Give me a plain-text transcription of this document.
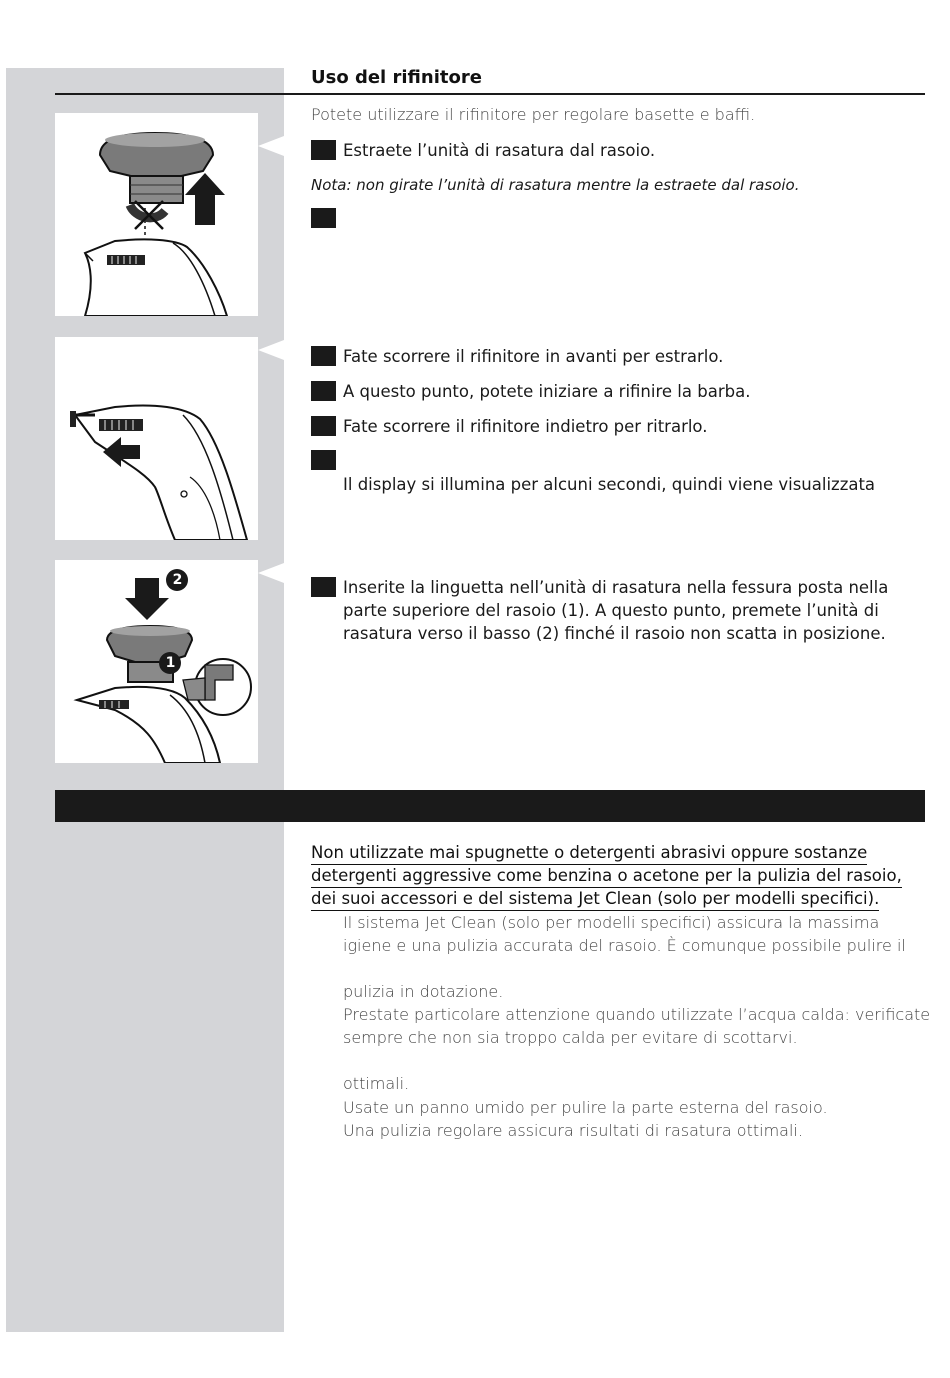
Uso del rifinitore
Potete utilizzare il rifinitore per regolare basette e baffi.
Estraete l’unità di rasatura dal rasoio.
Nota: non girate l’unità di rasatura mentre la estraete dal rasoio.
Fate scorrere il rifinitore in avanti per estrarlo.
A questo punto, potete iniziare a rifinire la barba.
Fate scorrere il rifinitore indietro per ritrarlo.
Il display si illumina per alcuni secondi, quindi viene visualizzata
1
2	Inserite la linguetta nell’unità di rasatura nella fessura posta nella
parte superiore del rasoio (1). A questo punto, premete l’unità di
rasatura verso il basso (2) finché il rasoio non scatta in posizione.
Non utilizzate mai spugnette o detergenti abrasivi oppure sostanze
detergenti aggressive come benzina o acetone per la pulizia del rasoio,
dei suoi accessori e del sistema Jet Clean (solo per modelli specifici).
Il sistema Jet Clean (solo per modelli specifici) assicura la massima
igiene e una pulizia accurata del rasoio. È comunque possibile pulire il
pulizia in dotazione.
Prestate particolare attenzione quando utilizzate l’acqua calda: verificate
sempre che non sia troppo calda per evitare di scottarvi.
ottimali.
Usate un panno umido per pulire la parte esterna del rasoio.
Una pulizia regolare assicura risultati di rasatura ottimali.
